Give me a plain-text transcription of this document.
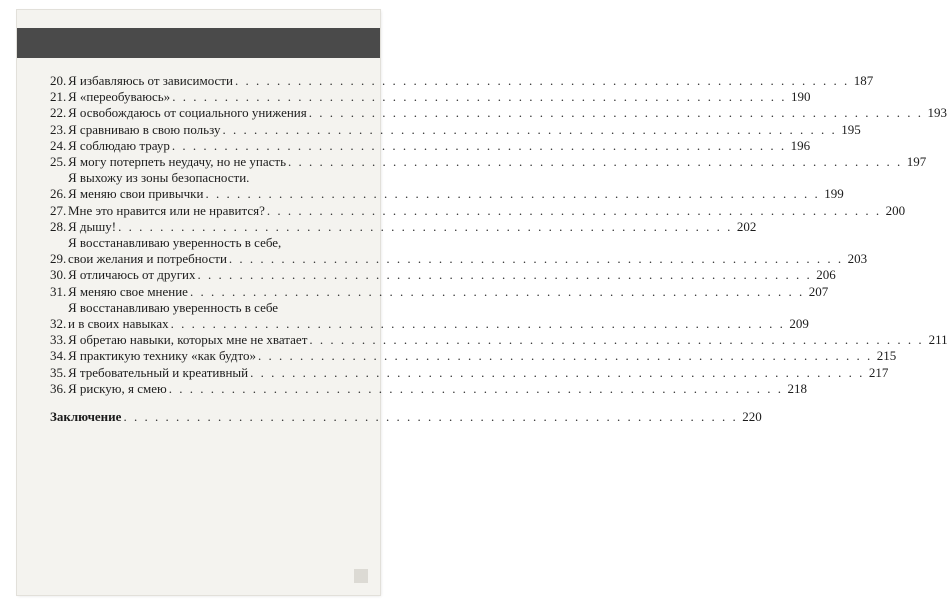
20. Я избавляюсь от зависимости . . . . . . . . . . . . . . . . . . . . . . . . . . . . . . . . . . . . . . . . . . . . . . . . . . . . . . . . . . . 187
21. Я «переобуваюсь» . . . . . . . . . . . . . . . . . . . . . . . . . . . . . . . . . . . . . . . . . . . . . . . . . . . . . . . . . . . 190
22. Я освобождаюсь от социального унижения . . . . . . . . . . . . . . . . . . . . . . . . . . . . . . . . . . . . . . . . . . . . . . . . . . . . . . . . . . . 193
23. Я сравниваю в свою пользу . . . . . . . . . . . . . . . . . . . . . . . . . . . . . . . . . . . . . . . . . . . . . . . . . . . . . . . . . . . 195
24. Я соблюдаю траур . . . . . . . . . . . . . . . . . . . . . . . . . . . . . . . . . . . . . . . . . . . . . . . . . . . . . . . . . . . 196
25. Я могу потерпеть неудачу, но не упасть . . . . . . . . . . . . . . . . . . . . . . . . . . . . . . . . . . . . . . . . . . . . . . . . . . . . . . . . . . . 197
26.
Я выхожу из зоны безопасности.
Я меняю свои привычки . . . . . . . . . . . . . . . . . . . . . . . . . . . . . . . . . . . . . . . . . . . . . . . . . . . . . . . . . . . 199
27. Мне это нравится или не нравится? . . . . . . . . . . . . . . . . . . . . . . . . . . . . . . . . . . . . . . . . . . . . . . . . . . . . . . . . . . . 200
28. Я дышу! . . . . . . . . . . . . . . . . . . . . . . . . . . . . . . . . . . . . . . . . . . . . . . . . . . . . . . . . . . . 202
29.
Я восстанавливаю уверенность в себе,
свои желания и потребности . . . . . . . . . . . . . . . . . . . . . . . . . . . . . . . . . . . . . . . . . . . . . . . . . . . . . . . . . . . 203
30. Я отличаюсь от других . . . . . . . . . . . . . . . . . . . . . . . . . . . . . . . . . . . . . . . . . . . . . . . . . . . . . . . . . . . 206
31. Я меняю свое мнение . . . . . . . . . . . . . . . . . . . . . . . . . . . . . . . . . . . . . . . . . . . . . . . . . . . . . . . . . . . 207
32.
Я восстанавливаю уверенность в себе
и в своих навыках . . . . . . . . . . . . . . . . . . . . . . . . . . . . . . . . . . . . . . . . . . . . . . . . . . . . . . . . . . . 209
33. Я обретаю навыки, которых мне не хватает . . . . . . . . . . . . . . . . . . . . . . . . . . . . . . . . . . . . . . . . . . . . . . . . . . . . . . . . . . . 211
34. Я практикую технику «как будто» . . . . . . . . . . . . . . . . . . . . . . . . . . . . . . . . . . . . . . . . . . . . . . . . . . . . . . . . . . . 215
35. Я требовательный и креативный . . . . . . . . . . . . . . . . . . . . . . . . . . . . . . . . . . . . . . . . . . . . . . . . . . . . . . . . . . . 217
36. Я рискую, я смею . . . . . . . . . . . . . . . . . . . . . . . . . . . . . . . . . . . . . . . . . . . . . . . . . . . . . . . . . . . 218
Заключение . . . . . . . . . . . . . . . . . . . . . . . . . . . . . . . . . . . . . . . . . . . . . . . . . . . . . . . . . . . 220
